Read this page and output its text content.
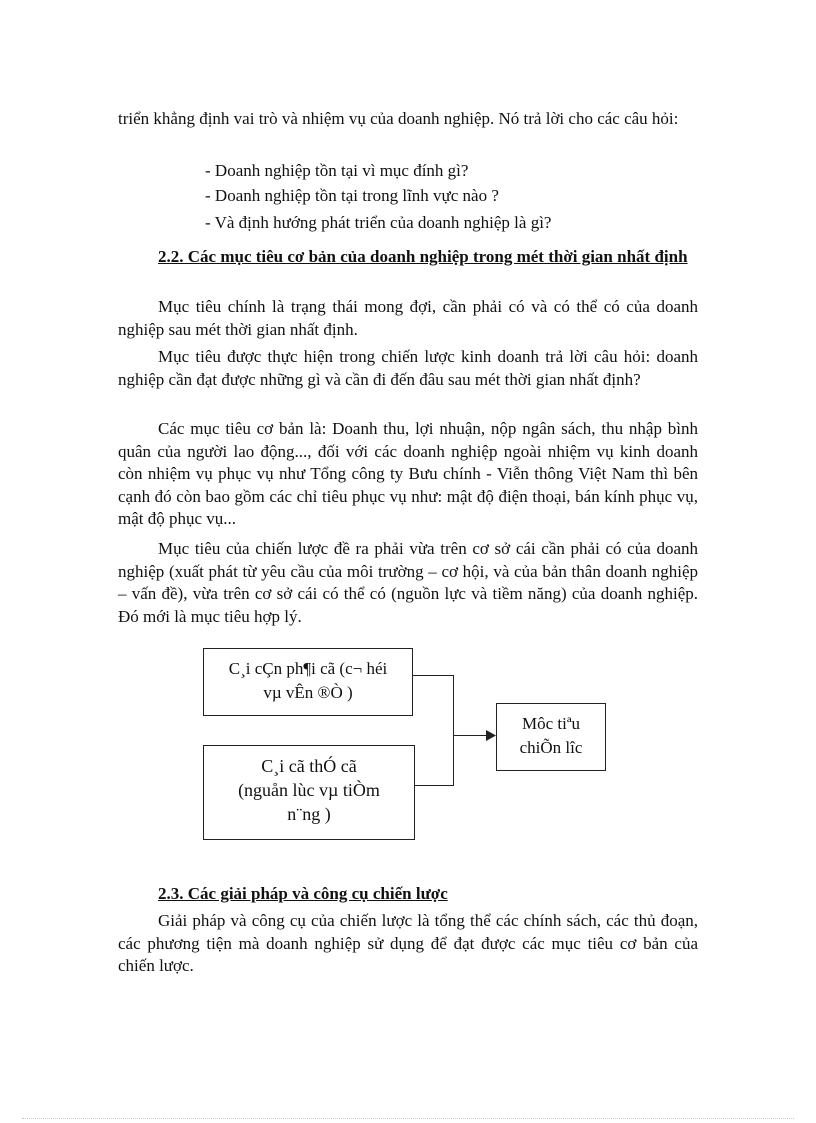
triển khẳng định vai trò và nhiệm vụ của doanh nghiệp. Nó trả lời cho các câu hỏi:

- Doanh nghiệp tồn tại vì mục đính gì?

- Doanh nghiệp tồn tại trong lĩnh vực nào ?

- Và định hướng phát triển của doanh nghiệp là gì?

2.2. Các mục tiêu cơ bản của doanh nghiệp trong mét thời gian nhất định

Mục tiêu chính là trạng thái mong đợi, cần phải có và có thể có của doanh nghiệp sau mét thời gian nhất định.

Mục tiêu được thực hiện trong chiến lược kinh doanh trả lời câu hỏi: doanh nghiệp cần đạt được những gì và cần đi đến đâu sau mét thời gian nhất định?

Các mục tiêu cơ bản là: Doanh thu, lợi nhuận, nộp ngân sách, thu nhập bình quân của người lao động..., đối với các doanh nghiệp ngoài nhiệm vụ kinh doanh còn nhiệm vụ phục vụ như Tổng công ty Bưu chính - Viễn thông Việt Nam thì bên cạnh đó còn bao gồm các chỉ tiêu phục vụ như: mật độ điện thoại, bán kính phục vụ, mật độ phục vụ...

Mục tiêu của chiến lược đề ra phải vừa trên cơ sở cái cần phải có của doanh nghiệp (xuất phát từ yêu cầu của môi trường – cơ hội, và của bản thân doanh nghiệp – vấn đề), vừa trên cơ sở cái có thể có (nguồn lực và tiềm năng) của doanh nghiệp. Đó mới là mục tiêu hợp lý.

C¸i cÇn ph¶i cã (c¬ héi
vµ vÊn ®Ò )
C¸i cã thÓ cã
(nguån lùc vµ tiÒm
n¨ng )
Môc tiªu
chiÕn lîc

2.3. Các giải pháp và công cụ chiến lược

Giải pháp và công cụ của chiến lược là tổng thể các chính sách, các thủ đoạn, các phương tiện mà doanh nghiệp sử dụng để đạt được các mục tiêu cơ bản của chiến lược.
